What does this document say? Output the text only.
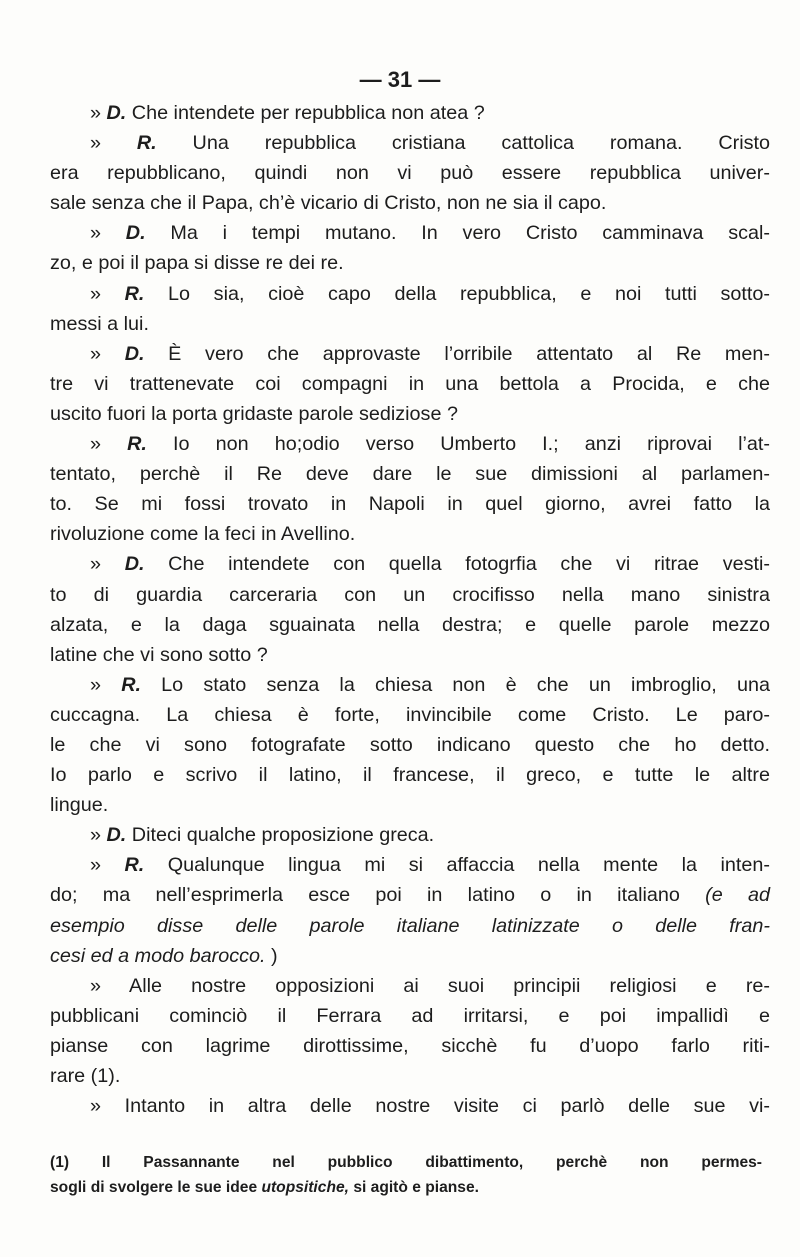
— 31 —
» D. Che intendete per repubblica non atea ?
» R. Una repubblica cristiana cattolica romana. Cristo
era repubblicano, quindi non vi può essere repubblica univer-
sale senza che il Papa, ch’è vicario di Cristo, non ne sia il capo.
» D. Ma i tempi mutano. In vero Cristo camminava scal-
zo, e poi il papa si disse re dei re.
» R. Lo sia, cioè capo della repubblica, e noi tutti sotto-
messi a lui.
» D. È vero che approvaste l’orribile attentato al Re men-
tre vi trattenevate coi compagni in una bettola a Procida, e che
uscito fuori la porta gridaste parole sediziose ?
» R. Io non ho;odio verso Umberto I.; anzi riprovai l’at-
tentato, perchè il Re deve dare le sue dimissioni al parlamen-
to. Se mi fossi trovato in Napoli in quel giorno, avrei fatto la
rivoluzione come la feci in Avellino.
» D. Che intendete con quella fotogrfia che vi ritrae vesti-
to di guardia carceraria con un crocifisso nella mano sinistra
alzata, e la daga sguainata nella destra; e quelle parole mezzo
latine che vi sono sotto ?
» R. Lo stato senza la chiesa non è che un imbroglio, una
cuccagna. La chiesa è forte, invincibile come Cristo. Le paro-
le che vi sono fotografate sotto indicano questo che ho detto.
Io parlo e scrivo il latino, il francese, il greco, e tutte le altre
lingue.
» D. Diteci qualche proposizione greca.
» R. Qualunque lingua mi si affaccia nella mente la inten-
do; ma nell’esprimerla esce poi in latino o in italiano (e ad
esempio disse delle parole italiane latinizzate o delle fran-
cesi ed a modo barocco. )
» Alle nostre opposizioni ai suoi principii religiosi e re-
pubblicani cominciò il Ferrara ad irritarsi, e poi impallidì e
pianse con lagrime dirottissime, sicchè fu d’uopo farlo riti-
rare (1).
» Intanto in altra delle nostre visite ci parlò delle sue vi-
(1) Il Passannante nel pubblico dibattimento, perchè non permes-
sogli di svolgere le sue idee utopsitiche, si agitò e pianse.
